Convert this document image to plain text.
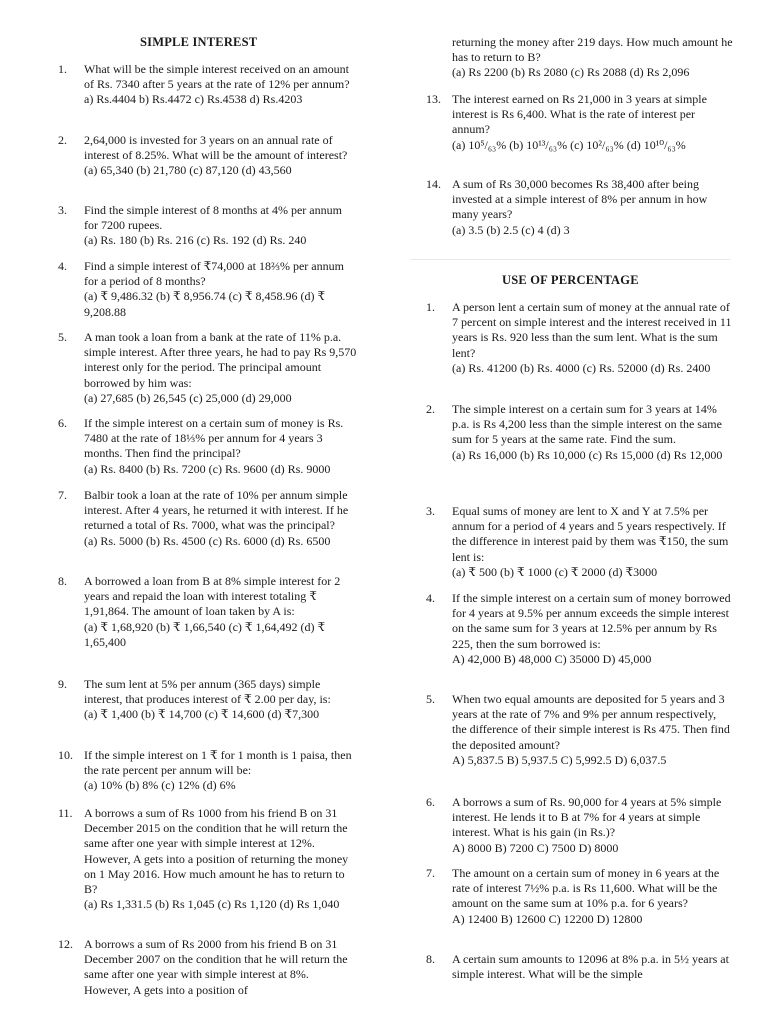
SIMPLE INTEREST
1.	What will be the simple interest received on an amount of Rs. 7340 after 5 years at the rate of 12% per annum?

a) Rs.4404 b) Rs.4472 c) Rs.4538 d) Rs.4203
2.	2,64,000 is invested for 3 years on an annual rate of interest of 8.25%. What will be the amount of interest?

(a) 65,340 (b) 21,780 (c) 87,120 (d) 43,560
3.	Find the simple interest of 8 months at 4% per annum for 7200 rupees.

(a) Rs. 180 (b) Rs. 216 (c) Rs. 192 (d) Rs. 240
4.	Find a simple interest of ₹74,000 at 18⅔% per annum for a period of 8 months?

(a) ₹ 9,486.32 (b) ₹ 8,956.74 (c) ₹ 8,458.96 (d) ₹ 9,208.88
5.	A man took a loan from a bank at the rate of 11% p.a. simple interest. After three years, he had to pay Rs 9,570 interest only for the period. The principal amount borrowed by him was:

(a) 27,685 (b) 26,545 (c) 25,000 (d) 29,000
6.	If the simple interest on a certain sum of money is Rs. 7480 at the rate of 18⅓% per annum for 4 years 3 months. Then find the principal?

(a) Rs. 8400 (b) Rs. 7200 (c) Rs. 9600 (d) Rs. 9000
7.	Balbir took a loan at the rate of 10% per annum simple interest. After 4 years, he returned it with interest. If he returned a total of Rs. 7000, what was the principal?

(a) Rs. 5000 (b) Rs. 4500 (c) Rs. 6000 (d) Rs. 6500
8.	A borrowed a loan from B at 8% simple interest for 2 years and repaid the loan with interest totaling ₹ 1,91,864. The amount of loan taken by A is:

(a) ₹ 1,68,920 (b) ₹ 1,66,540 (c) ₹ 1,64,492 (d) ₹ 1,65,400
9.	The sum lent at 5% per annum (365 days) simple interest, that produces interest of ₹ 2.00 per day, is:

(a) ₹ 1,400 (b) ₹ 14,700 (c) ₹ 14,600 (d) ₹7,300
10. If the simple interest on 1 ₹ for 1 month is 1 paisa, then the rate percent per annum will be:

(a) 10% (b) 8% (c) 12% (d) 6%
11. A borrows a sum of Rs 1000 from his friend B on 31 December 2015 on the condition that he will return the same after one year with simple interest at 12%. However, A gets into a position of returning the money on 1 May 2016. How much amount he has to return to B?

(a) Rs 1,331.5 (b) Rs 1,045 (c) Rs 1,120 (d) Rs 1,040
12. A borrows a sum of Rs 2000 from his friend B on 31 December 2007 on the condition that he will return the same after one year with simple interest at 8%. However, A gets into a position of

returning the money after 219 days. How much amount he has to return to B?

(a) Rs 2200 (b) Rs 2080 (c) Rs 2088 (d) Rs 2,096
13. The interest earned on Rs 21,000 in 3 years at simple interest is Rs 6,400. What is the rate of interest per annum?

(a) 10⁵/₆₃% (b) 10¹³/₆₃% (c) 10²/₆₃% (d) 10¹⁰/₆₃%
14. A sum of Rs 30,000 becomes Rs 38,400 after being invested at a simple interest of 8% per annum in how many years?

(a) 3.5 (b) 2.5 (c) 4 (d) 3
USE OF PERCENTAGE
1.	A person lent a certain sum of money at the annual rate of 7 percent on simple interest and the interest received in 11 years is Rs. 920 less than the sum lent. What is the sum lent?

(a) Rs. 41200 (b) Rs. 4000 (c) Rs. 52000 (d) Rs. 2400
2.	The simple interest on a certain sum for 3 years at 14% p.a. is Rs 4,200 less than the simple interest on the same sum for 5 years at the same rate. Find the sum.

(a) Rs 16,000 (b) Rs 10,000 (c) Rs 15,000 (d) Rs 12,000
3.	Equal sums of money are lent to X and Y at 7.5% per annum for a period of 4 years and 5 years respectively. If the difference in interest paid by them was ₹150, the sum lent is:

(a) ₹ 500 (b) ₹ 1000 (c) ₹ 2000 (d) ₹3000
4.	If the simple interest on a certain sum of money borrowed for 4 years at 9.5% per annum exceeds the simple interest on the same sum for 3 years at 12.5% per annum by Rs 225, then the sum borrowed is:

A) 42,000 B) 48,000 C) 35000 D) 45,000
5.	When two equal amounts are deposited for 5 years and 3 years at the rate of 7% and 9% per annum respectively, the difference of their simple interest is Rs 475. Then find the deposited amount?

A) 5,837.5 B) 5,937.5 C) 5,992.5 D) 6,037.5
6.	A borrows a sum of Rs. 90,000 for 4 years at 5% simple interest. He lends it to B at 7% for 4 years at simple interest. What is his gain (in Rs.)?

A) 8000 B) 7200 C) 7500 D) 8000
7.	The amount on a certain sum of money in 6 years at the rate of interest 7½% p.a. is Rs 11,600. What will be the amount on the same sum at 10% p.a. for 6 years?

A) 12400 B) 12600 C) 12200 D) 12800
8.	A certain sum amounts to 12096 at 8% p.a. in 5½ years at simple interest. What will be the simple
